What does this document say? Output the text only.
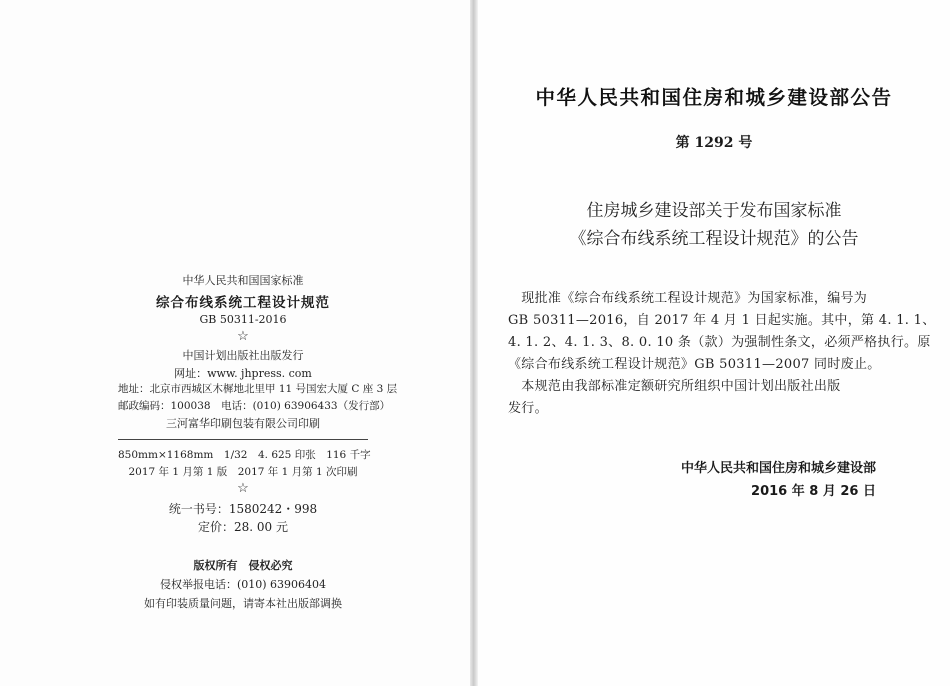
中华人民共和国国家标准
综合布线系统工程设计规范
GB 50311-2016
☆
中国计划出版社出版发行
网址：www. jhpress. com
地址：北京市西城区木樨地北里甲 11 号国宏大厦 C 座 3 层
邮政编码：100038　电话：(010) 63906433（发行部）
三河富华印刷包装有限公司印刷
850mm×1168mm　1/32　4. 625 印张　116 千字
2017 年 1 月第 1 版　2017 年 1 月第 1 次印刷
☆
统一书号：1580242・998
定价：28. 00 元
版权所有　侵权必究
侵权举报电话：(010) 63906404
如有印装质量问题，请寄本社出版部调换
中华人民共和国住房和城乡建设部公告
第 1292 号
住房城乡建设部关于发布国家标准
《综合布线系统工程设计规范》的公告
　现批准《综合布线系统工程设计规范》为国家标准，编号为
GB 50311—2016，自 2017 年 4 月 1 日起实施。其中，第 4. 1. 1、
4. 1. 2、4. 1. 3、8. 0. 10 条（款）为强制性条文，必须严格执行。原
《综合布线系统工程设计规范》GB 50311—2007 同时废止。
　本规范由我部标准定额研究所组织中国计划出版社出版
发行。
中华人民共和国住房和城乡建设部
2016 年 8 月 26 日
